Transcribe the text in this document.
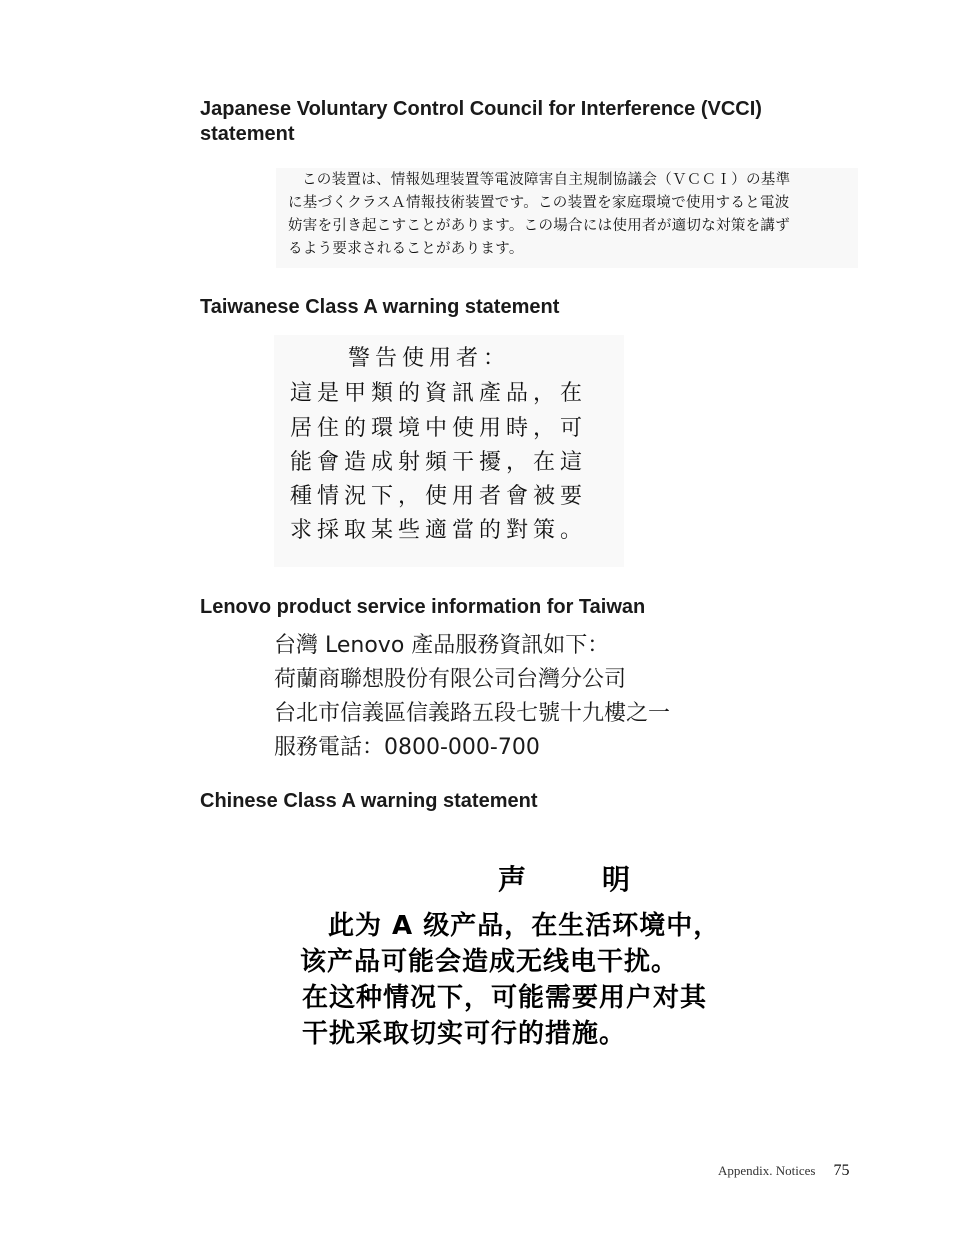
Japanese Voluntary Control Council for Interference (VCCI)
statement
この装置は、情報処理装置等電波障害自主規制協議会（ＶＣＣＩ）の基準
に基づくクラスＡ情報技術装置です。この装置を家庭環境で使用すると電波
妨害を引き起こすことがあります。この場合には使用者が適切な対策を講ず
るよう要求されることがあります。
Taiwanese Class A warning statement
警告使用者：
這是甲類的資訊產品，在
居住的環境中使用時，可
能會造成射頻干擾，在這
種情況下，使用者會被要
求採取某些適當的對策。
Lenovo product service information for Taiwan

台灣 Lenovo 產品服務資訊如下：

荷蘭商聯想股份有限公司台灣分公司

台北市信義區信義路五段七號十九樓之一

服務電話：0800-000-700

Chinese Class A warning statement
声	明
此为 A 级产品，在生活环境中，
该产品可能会造成无线电干扰。
在这种情况下，可能需要用户对其
干扰采取切实可行的措施。
Appendix. Notices 75
